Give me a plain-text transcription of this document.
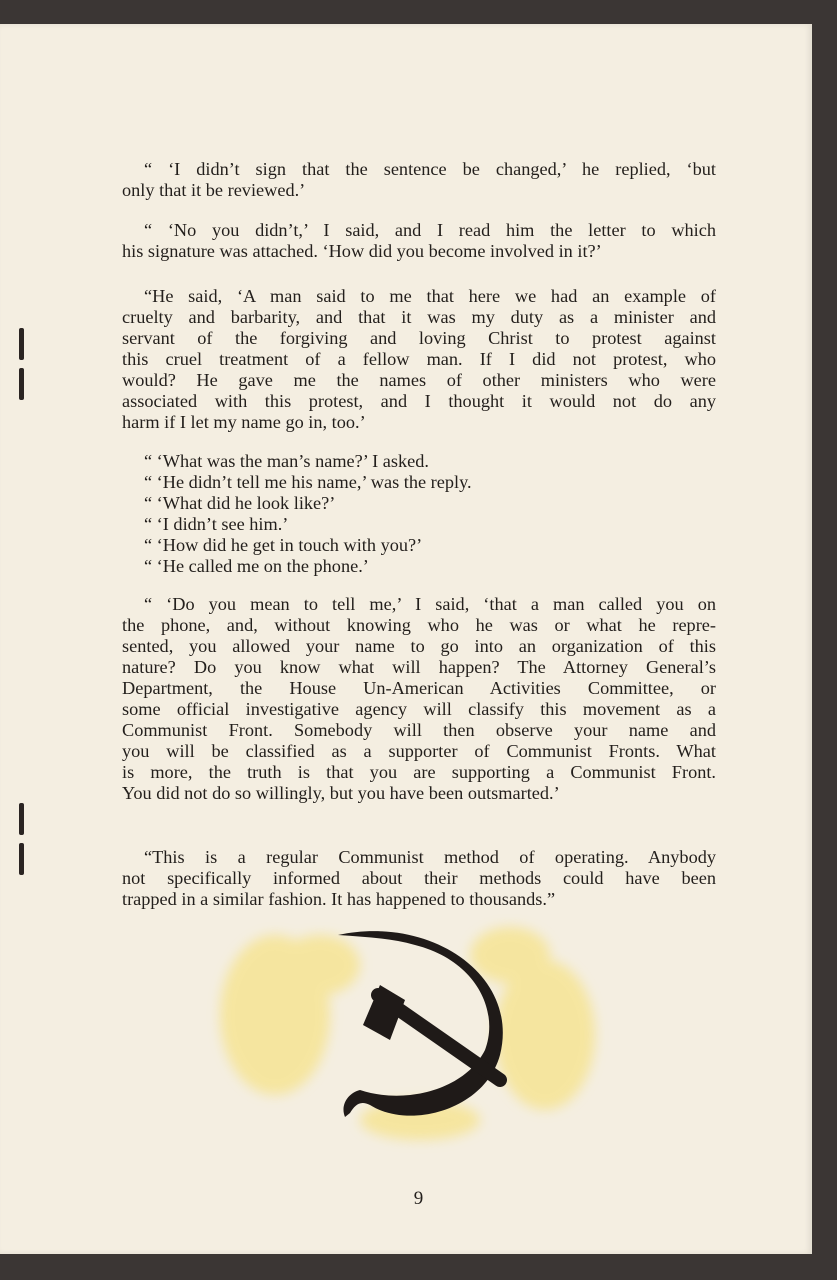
“ ‘I didn’t sign that the sentence be changed,’ he replied, ‘but
only that it be reviewed.’
“ ‘No you didn’t,’ I said, and I read him the letter to which
his signature was attached. ‘How did you become involved in it?’
“He said, ‘A man said to me that here we had an example of
cruelty and barbarity, and that it was my duty as a minister and
servant of the forgiving and loving Christ to protest against
this cruel treatment of a fellow man. If I did not protest, who
would? He gave me the names of other ministers who were
associated with this protest, and I thought it would not do any
harm if I let my name go in, too.’
“ ‘What was the man’s name?’ I asked.
“ ‘He didn’t tell me his name,’ was the reply.
“ ‘What did he look like?’
“ ‘I didn’t see him.’
“ ‘How did he get in touch with you?’
“ ‘He called me on the phone.’
“ ‘Do you mean to tell me,’ I said, ‘that a man called you on
the phone, and, without knowing who he was or what he repre-
sented, you allowed your name to go into an organization of this
nature? Do you know what will happen? The Attorney General’s
Department, the House Un-American Activities Committee, or
some official investigative agency will classify this movement as a
Communist Front. Somebody will then observe your name and
you will be classified as a supporter of Communist Fronts. What
is more, the truth is that you are supporting a Communist Front.
You did not do so willingly, but you have been outsmarted.’
“This is a regular Communist method of operating. Anybody
not specifically informed about their methods could have been
trapped in a similar fashion. It has happened to thousands.”
9
